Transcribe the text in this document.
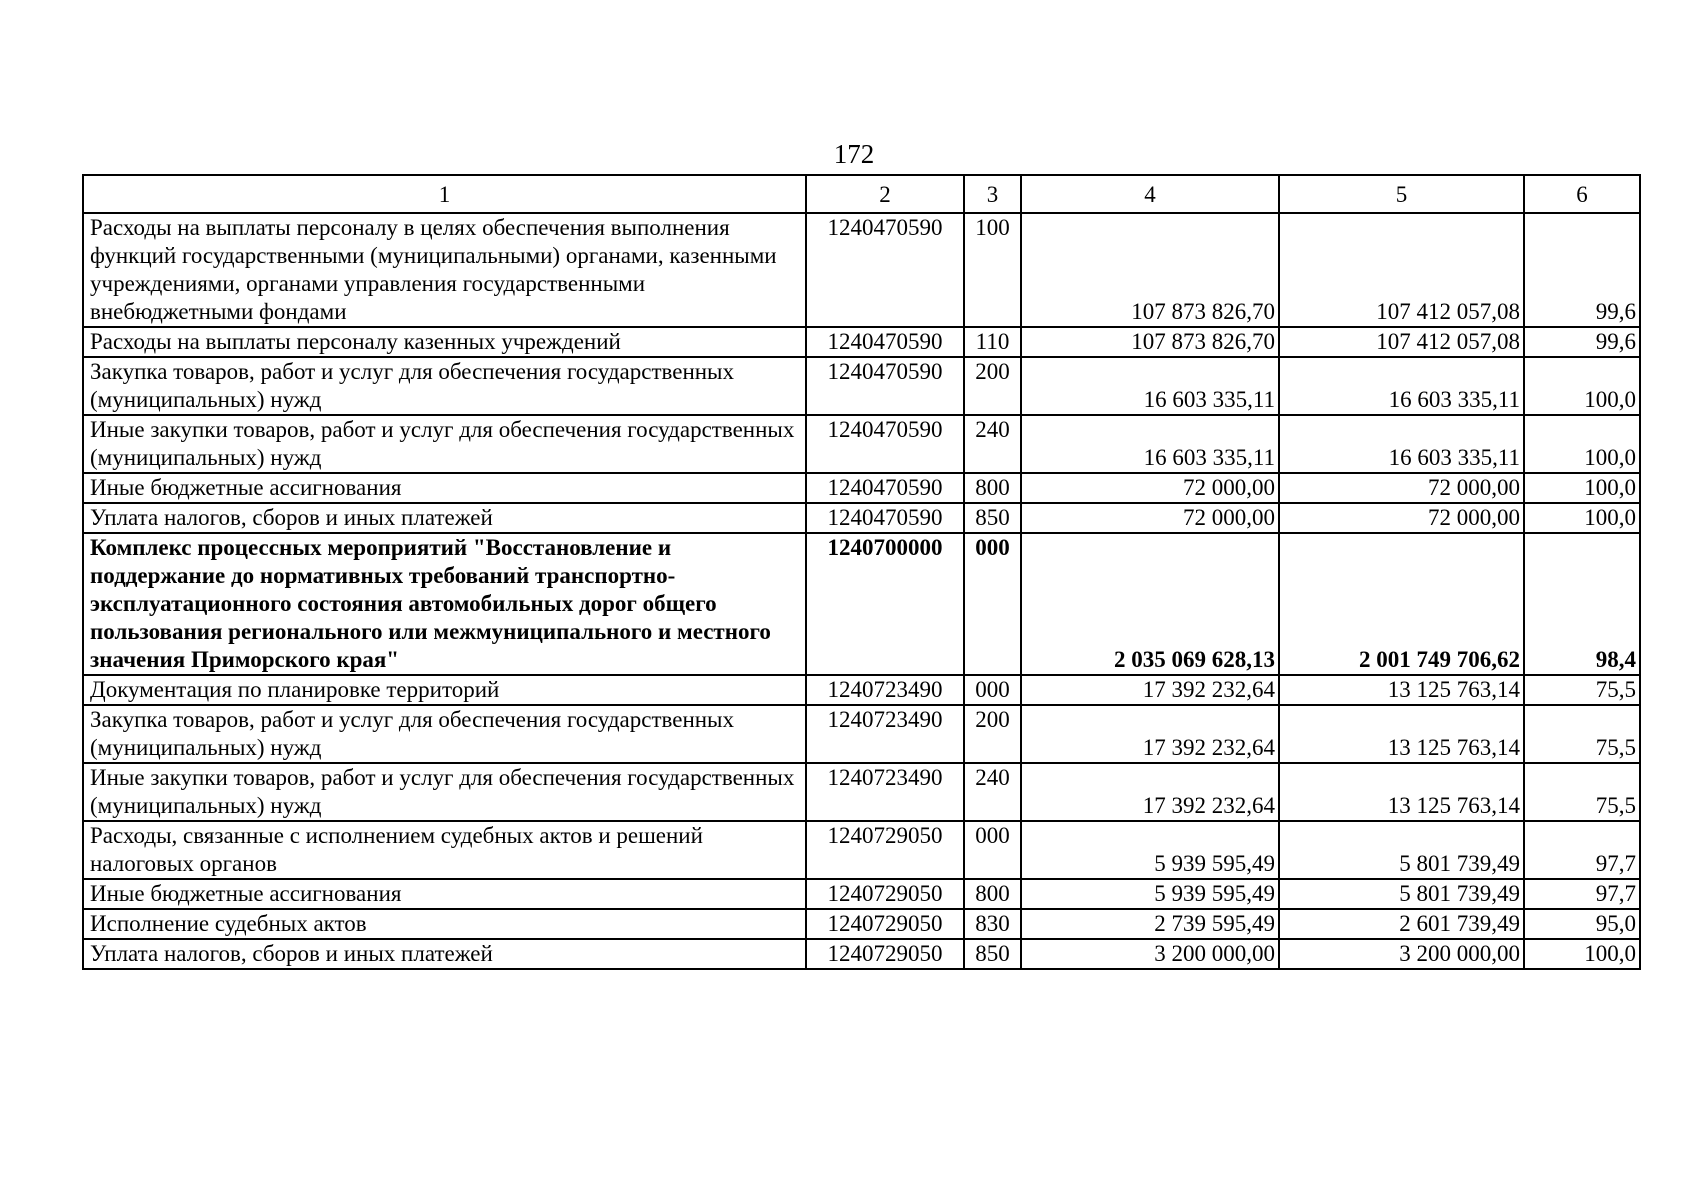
172
1	2	3	4	5	6
Расходы на выплаты персоналу в целях обеспечения выполнения функций государственными (муниципальными) органами, казенными учреждениями, органами управления государственными внебюджетными фондами	1240470590	100	107 873 826,70	107 412 057,08	99,6
Расходы на выплаты персоналу казенных учреждений	1240470590	110	107 873 826,70	107 412 057,08	99,6
Закупка товаров, работ и услуг для обеспечения государственных (муниципальных) нужд	1240470590	200	16 603 335,11	16 603 335,11	100,0
Иные закупки товаров, работ и услуг для обеспечения государственных (муниципальных) нужд	1240470590	240	16 603 335,11	16 603 335,11	100,0
Иные бюджетные ассигнования	1240470590	800	72 000,00	72 000,00	100,0
Уплата налогов, сборов и иных платежей	1240470590	850	72 000,00	72 000,00	100,0
Комплекс процессных мероприятий "Восстановление и поддержание до нормативных требований транспортно-эксплуатационного состояния автомобильных дорог общего пользования регионального или межмуниципального и местного значения Приморского края"	1240700000	000	2 035 069 628,13	2 001 749 706,62	98,4
Документация по планировке территорий	1240723490	000	17 392 232,64	13 125 763,14	75,5
Закупка товаров, работ и услуг для обеспечения государственных (муниципальных) нужд	1240723490	200	17 392 232,64	13 125 763,14	75,5
Иные закупки товаров, работ и услуг для обеспечения государственных (муниципальных) нужд	1240723490	240	17 392 232,64	13 125 763,14	75,5
Расходы, связанные с исполнением судебных актов и решений налоговых органов	1240729050	000	5 939 595,49	5 801 739,49	97,7
Иные бюджетные ассигнования	1240729050	800	5 939 595,49	5 801 739,49	97,7
Исполнение судебных актов	1240729050	830	2 739 595,49	2 601 739,49	95,0
Уплата налогов, сборов и иных платежей	1240729050	850	3 200 000,00	3 200 000,00	100,0
